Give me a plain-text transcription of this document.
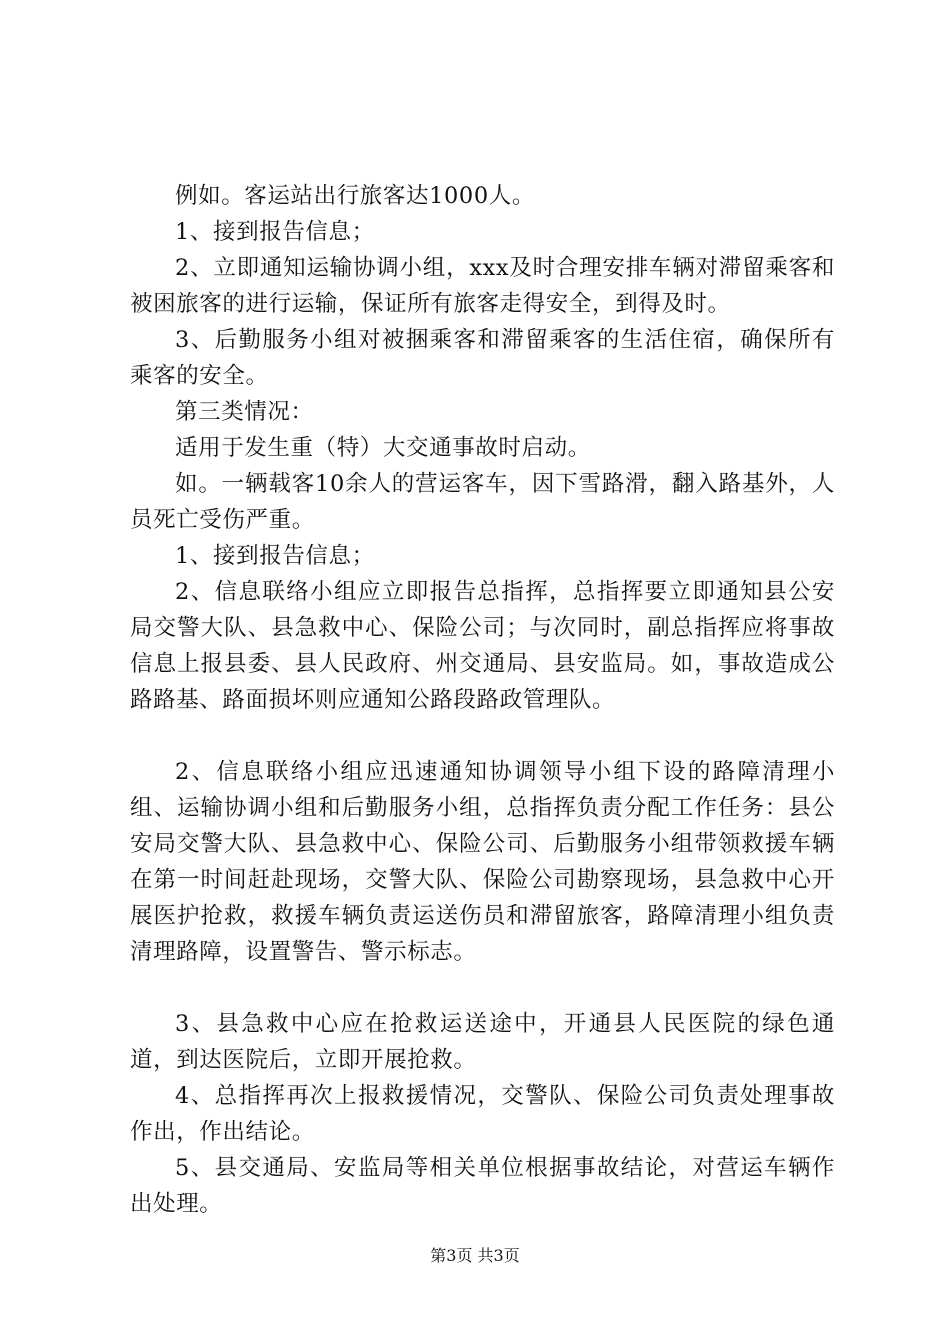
例如。客运站出行旅客达1000人。

1、接到报告信息；

2、立即通知运输协调小组，xxx及时合理安排车辆对滞留乘客和被困旅客的进行运输，保证所有旅客走得安全，到得及时。

3、后勤服务小组对被捆乘客和滞留乘客的生活住宿，确保所有乘客的安全。

第三类情况：

适用于发生重（特）大交通事故时启动。

如。一辆载客10余人的营运客车，因下雪路滑，翻入路基外，人员死亡受伤严重。

1、接到报告信息；

2、信息联络小组应立即报告总指挥，总指挥要立即通知县公安局交警大队、县急救中心、保险公司；与次同时，副总指挥应将事故信息上报县委、县人民政府、州交通局、县安监局。如，事故造成公路路基、路面损坏则应通知公路段路政管理队。

2、信息联络小组应迅速通知协调领导小组下设的路障清理小组、运输协调小组和后勤服务小组，总指挥负责分配工作任务：县公安局交警大队、县急救中心、保险公司、后勤服务小组带领救援车辆在第一时间赶赴现场，交警大队、保险公司勘察现场，县急救中心开展医护抢救，救援车辆负责运送伤员和滞留旅客，路障清理小组负责清理路障，设置警告、警示标志。

3、县急救中心应在抢救运送途中，开通县人民医院的绿色通道，到达医院后，立即开展抢救。

4、总指挥再次上报救援情况，交警队、保险公司负责处理事故作出，作出结论。

5、县交通局、安监局等相关单位根据事故结论，对营运车辆作出处理。

第3页 共3页
